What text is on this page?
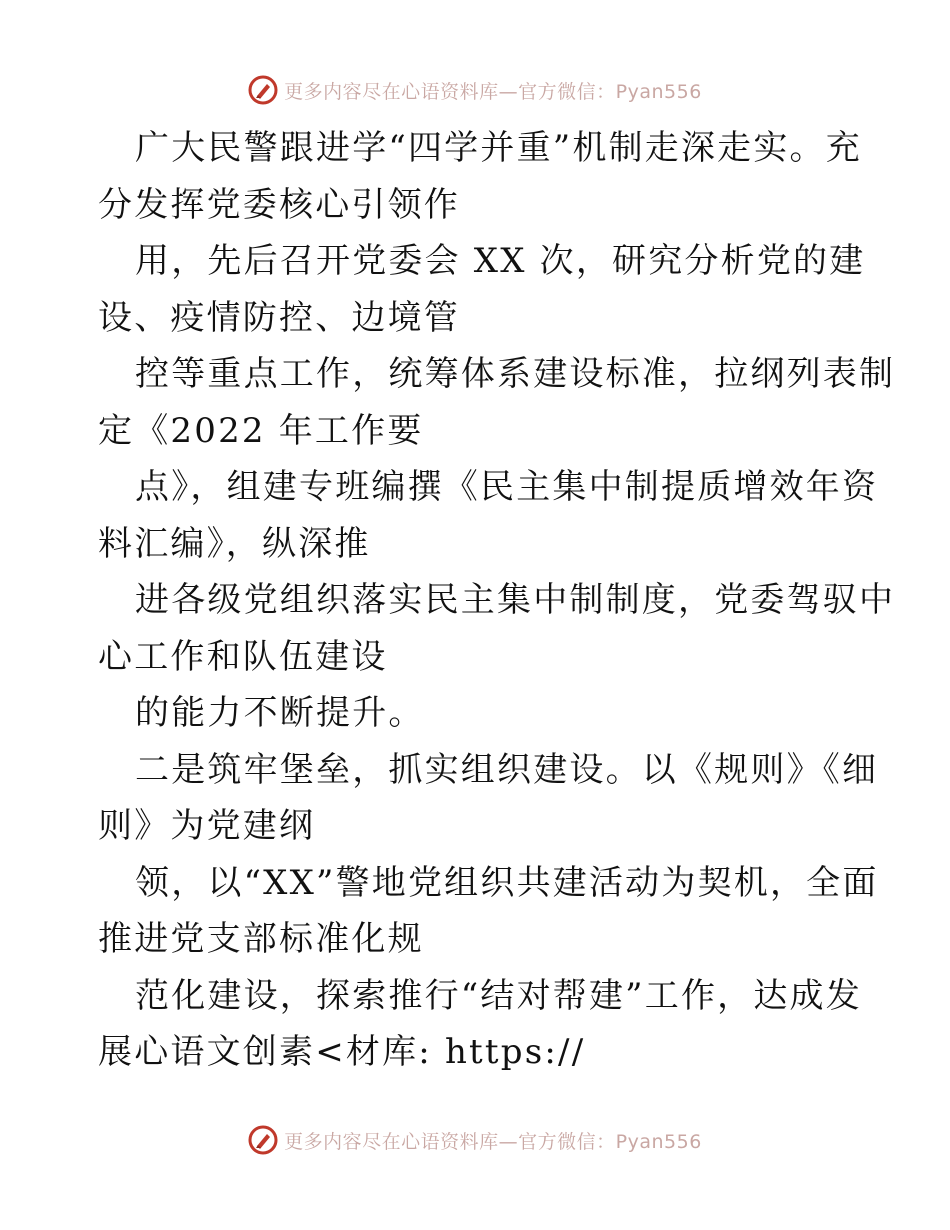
更多内容尽在心语资料库—官方微信：Pyan556
广大民警跟进学“四学并重”机制走深走实。充
分发挥党委核心引领作
用，先后召开党委会 XX 次，研究分析党的建
设、疫情防控、边境管
控等重点工作，统筹体系建设标准，拉纲列表制
定《2022 年工作要
点》，组建专班编撰《民主集中制提质增效年资
料汇编》，纵深推
进各级党组织落实民主集中制制度，党委驾驭中
心工作和队伍建设
的能力不断提升。
二是筑牢堡垒，抓实组织建设。以《规则》《细
则》为党建纲
领，以“XX”警地党组织共建活动为契机，全面
推进党支部标准化规
范化建设，探索推行“结对帮建”工作，达成发
展心语文创素<材库: https://
更多内容尽在心语资料库—官方微信：Pyan556
